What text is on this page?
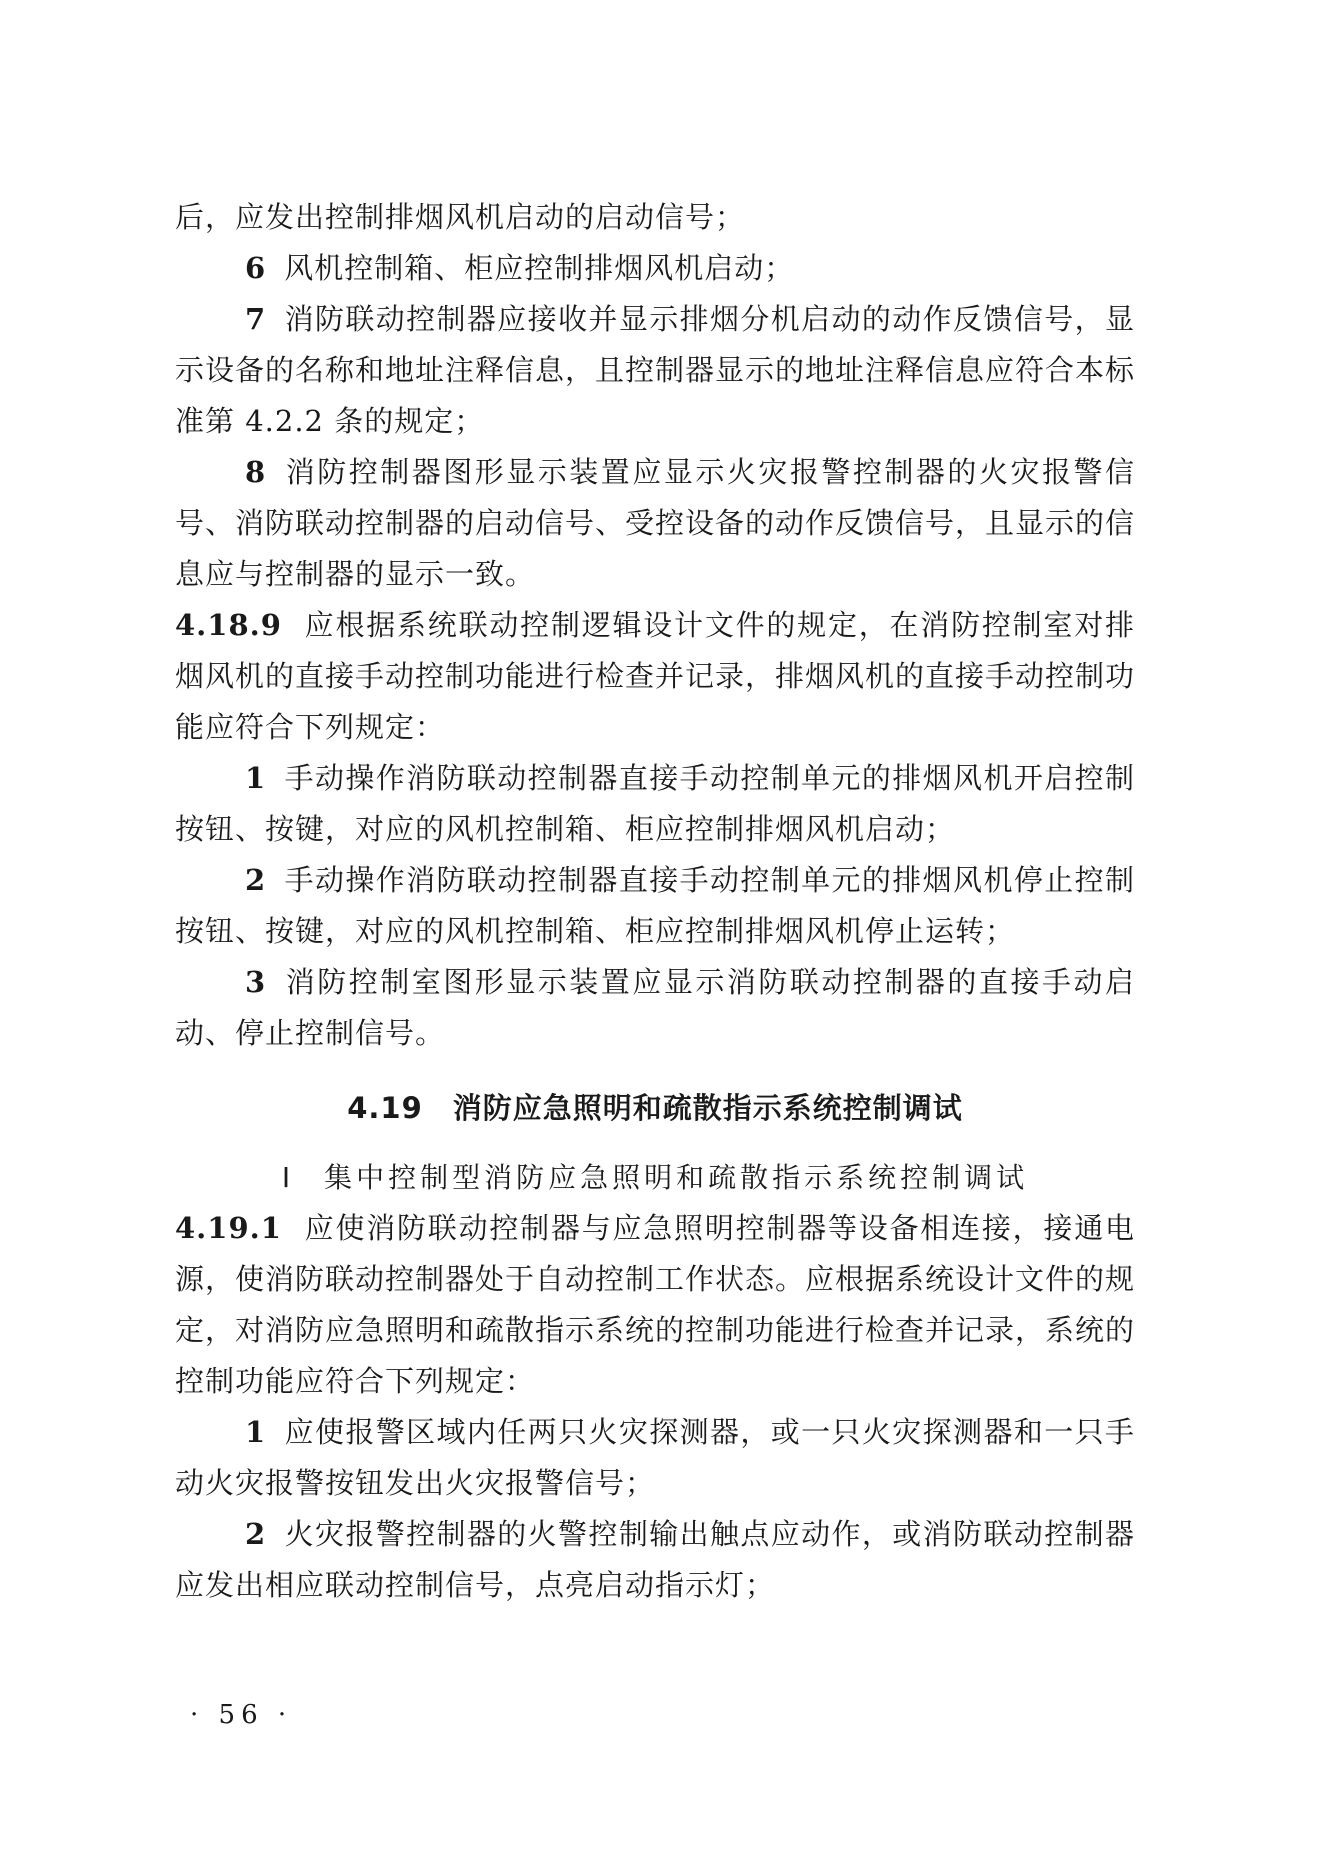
后，应发出控制排烟风机启动的启动信号；

6 风机控制箱、柜应控制排烟风机启动；

7 消防联动控制器应接收并显示排烟分机启动的动作反馈信号，显示设备的名称和地址注释信息，且控制器显示的地址注释信息应符合本标准第 4.2.2 条的规定；

8 消防控制器图形显示装置应显示火灾报警控制器的火灾报警信号、消防联动控制器的启动信号、受控设备的动作反馈信号，且显示的信息应与控制器的显示一致。

4.18.9 应根据系统联动控制逻辑设计文件的规定，在消防控制室对排烟风机的直接手动控制功能进行检查并记录，排烟风机的直接手动控制功能应符合下列规定：

1 手动操作消防联动控制器直接手动控制单元的排烟风机开启控制按钮、按键，对应的风机控制箱、柜应控制排烟风机启动；

2 手动操作消防联动控制器直接手动控制单元的排烟风机停止控制按钮、按键，对应的风机控制箱、柜应控制排烟风机停止运转；

3 消防控制室图形显示装置应显示消防联动控制器的直接手动启动、停止控制信号。

4.19 消防应急照明和疏散指示系统控制调试

Ⅰ 集中控制型消防应急照明和疏散指示系统控制调试

4.19.1 应使消防联动控制器与应急照明控制器等设备相连接，接通电源，使消防联动控制器处于自动控制工作状态。应根据系统设计文件的规定，对消防应急照明和疏散指示系统的控制功能进行检查并记录，系统的控制功能应符合下列规定：

1 应使报警区域内任两只火灾探测器，或一只火灾探测器和一只手动火灾报警按钮发出火灾报警信号；

2 火灾报警控制器的火警控制输出触点应动作，或消防联动控制器应发出相应联动控制信号，点亮启动指示灯；

· 56 ·
